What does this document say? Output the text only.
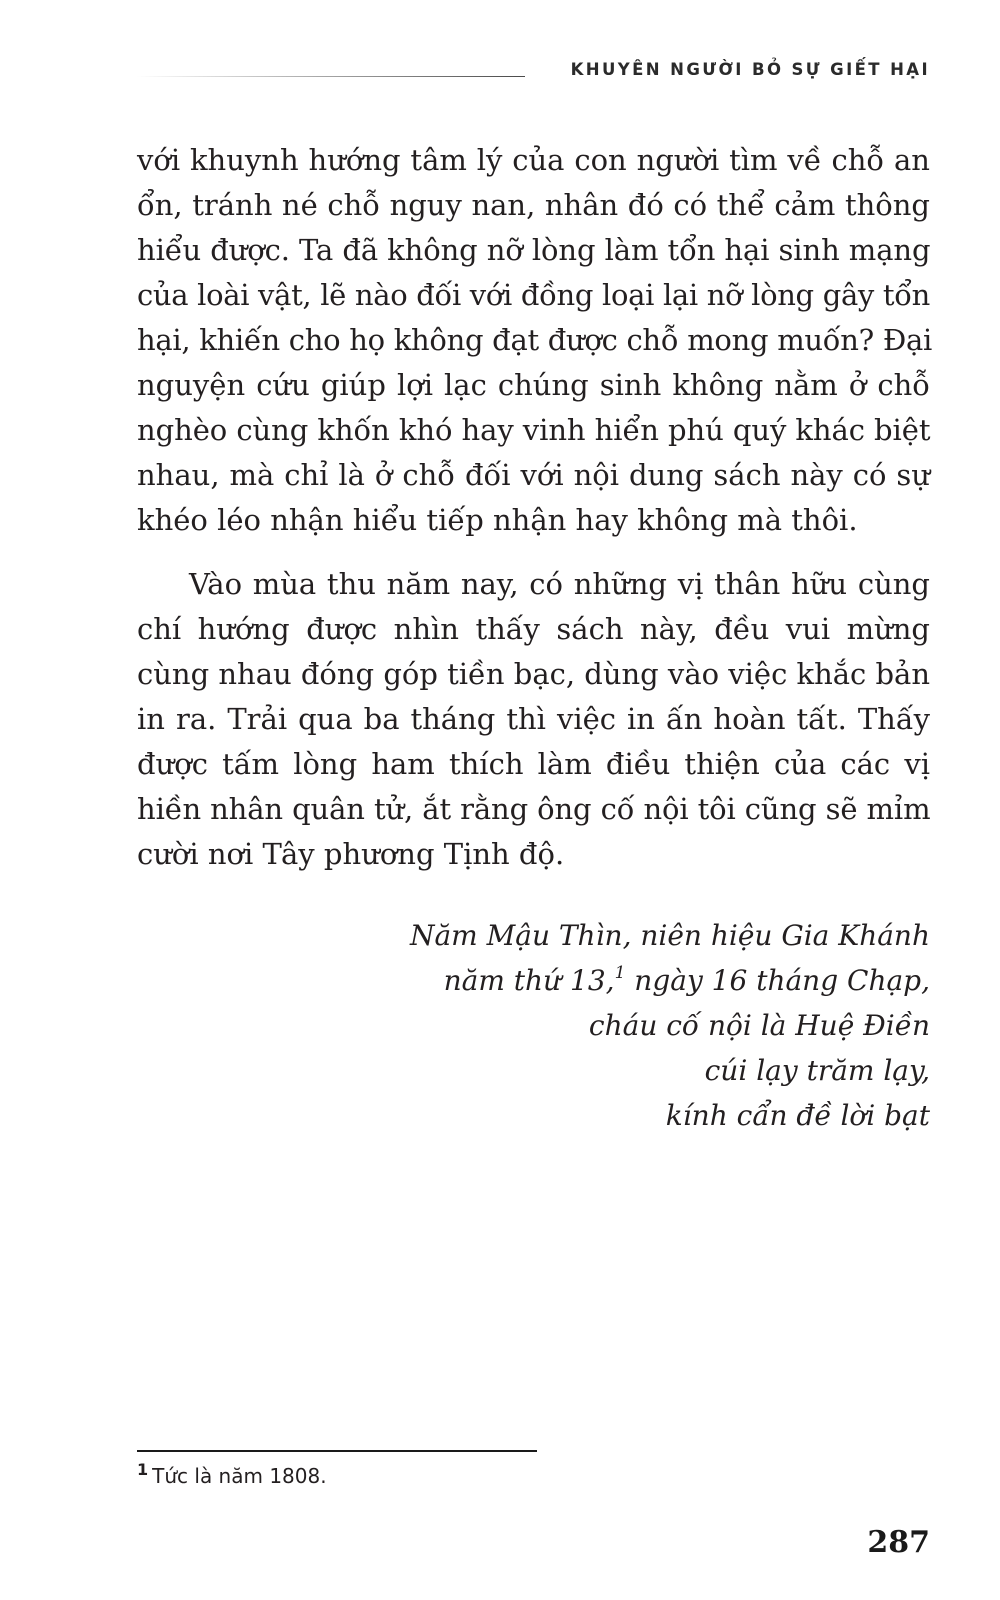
KHUYÊN NGƯỜI BỎ SỰ GIẾT HẠI
với khuynh hướng tâm lý của con người tìm về chỗ an
ổn, tránh né chỗ nguy nan, nhân đó có thể cảm thông
hiểu được. Ta đã không nỡ lòng làm tổn hại sinh mạng
của loài vật, lẽ nào đối với đồng loại lại nỡ lòng gây tổn
hại, khiến cho họ không đạt được chỗ mong muốn? Đại
nguyện cứu giúp lợi lạc chúng sinh không nằm ở chỗ
nghèo cùng khốn khó hay vinh hiển phú quý khác biệt
nhau, mà chỉ là ở chỗ đối với nội dung sách này có sự
khéo léo nhận hiểu tiếp nhận hay không mà thôi.
Vào mùa thu năm nay, có những vị thân hữu cùng
chí hướng được nhìn thấy sách này, đều vui mừng
cùng nhau đóng góp tiền bạc, dùng vào việc khắc bản
in ra. Trải qua ba tháng thì việc in ấn hoàn tất. Thấy
được tấm lòng ham thích làm điều thiện của các vị
hiền nhân quân tử, ắt rằng ông cố nội tôi cũng sẽ mỉm
cười nơi Tây phương Tịnh độ.
Năm Mậu Thìn, niên hiệu Gia Khánh
năm thứ 13,$^1$ ngày 16 tháng Chạp,
cháu cố nội là Huệ Điền
cúi lạy trăm lạy,
kính cẩn đề lời bạt
$^1$ Tức là năm 1808.
287
